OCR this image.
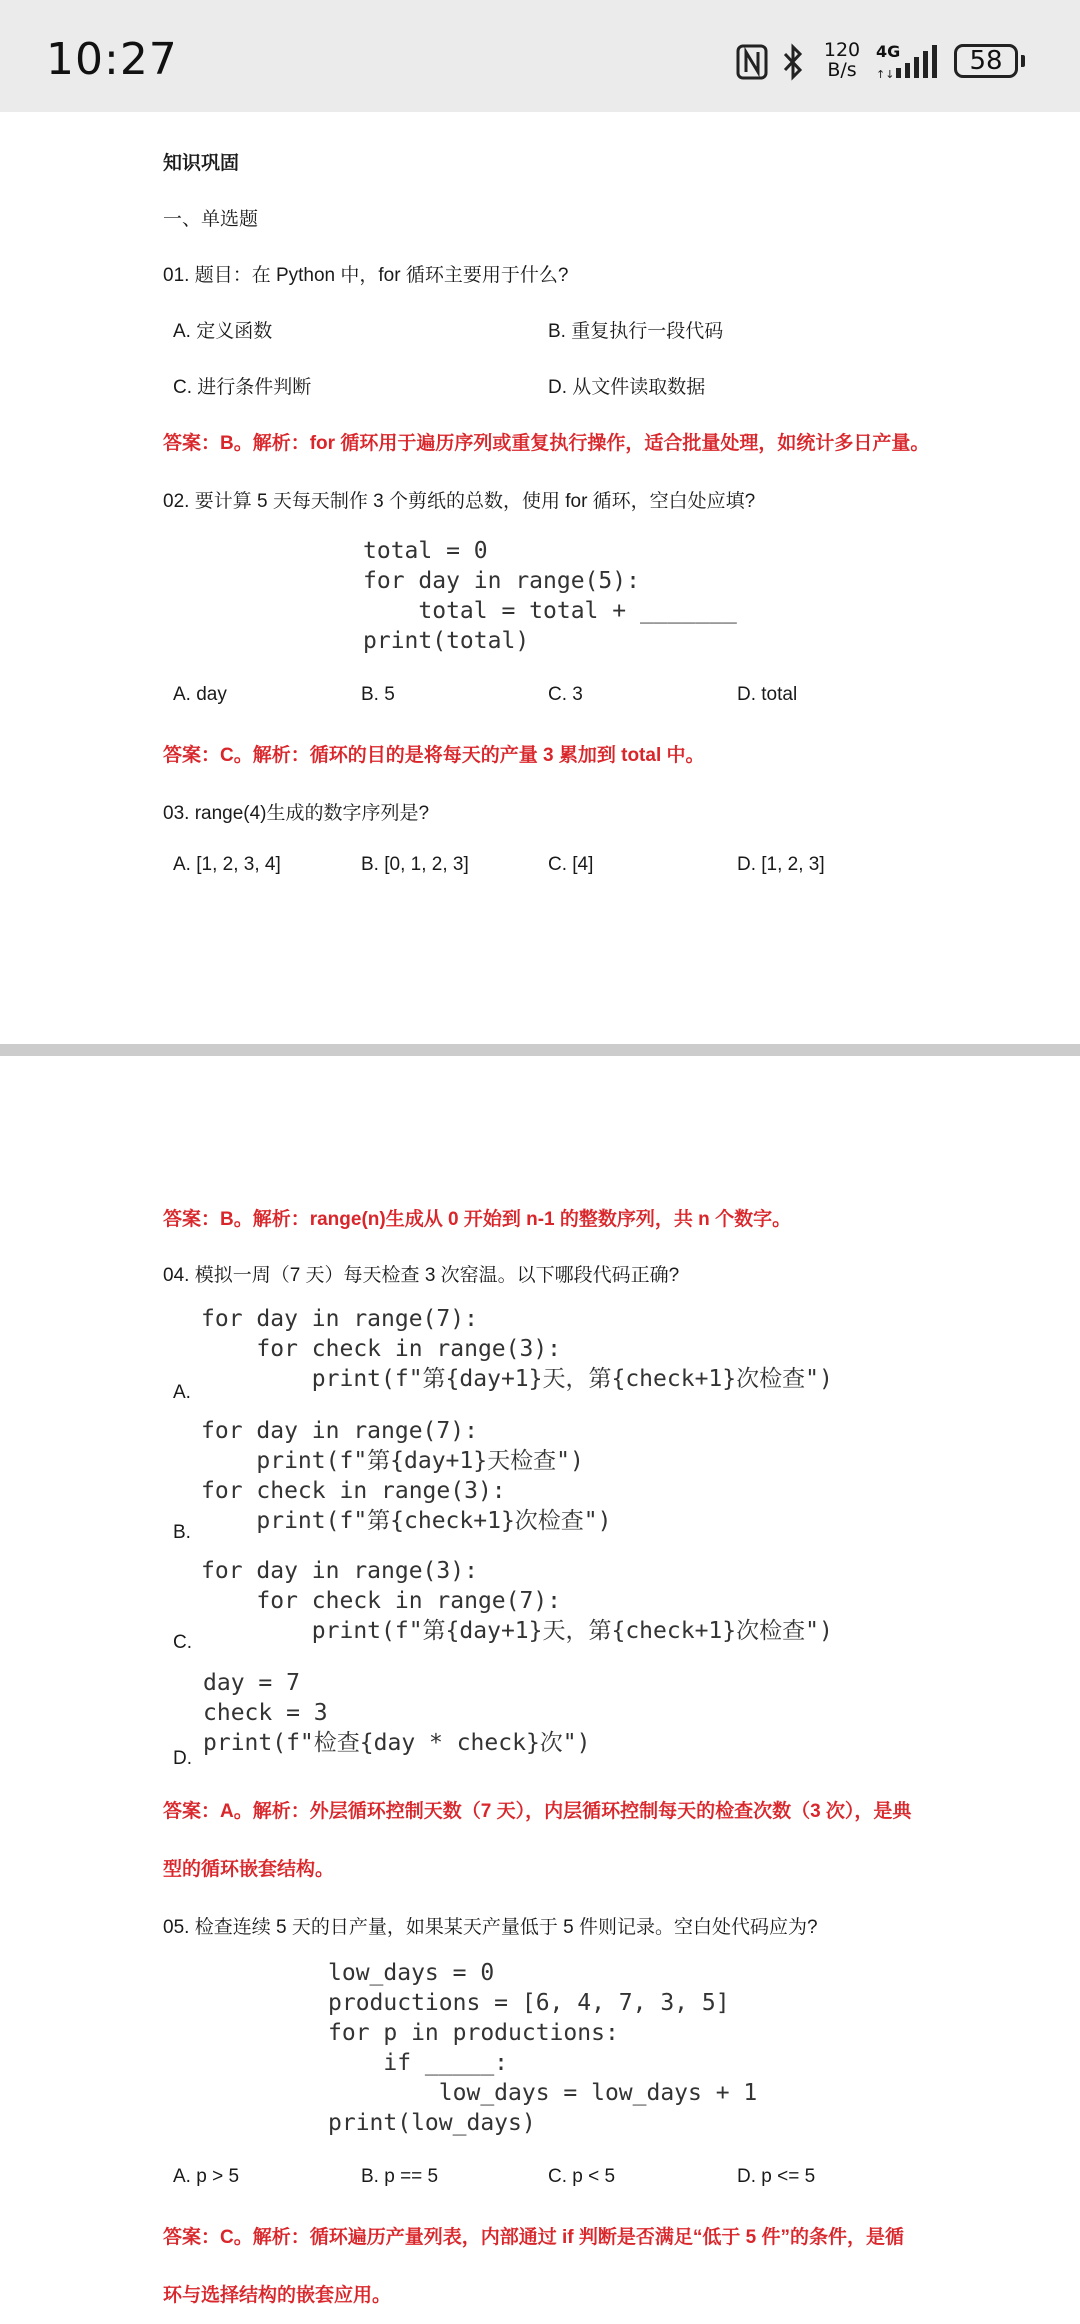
10:27	120
B/s
4G
↑↓	58
知识巩固
一、单选题
01. 题目：在 Python 中，for 循环主要用于什么?
A. 定义函数	B. 重复执行一段代码
C. 进行条件判断	D. 从文件读取数据
答案：B。解析：for 循环用于遍历序列或重复执行操作，适合批量处理，如统计多日产量。
02. 要计算 5 天每天制作 3 个剪纸的总数，使用 for 循环，空白处应填?
total = 0
for day in range(5):
total = total + _______
print(total)
A. day	B. 5	C. 3	D. total
答案：C。解析：循环的目的是将每天的产量 3 累加到 total 中。
03. range(4)生成的数字序列是?
A. [1, 2, 3, 4]	B. [0, 1, 2, 3]	C. [4]	D. [1, 2, 3]
答案：B。解析：range(n)生成从 0 开始到 n-1 的整数序列，共 n 个数字。
04. 模拟一周（7 天）每天检查 3 次窑温。以下哪段代码正确?
for day in range(7):
for check in range(3):
print(f"第{day+1}天，第{check+1}次检查")
A.
for day in range(7):
print(f"第{day+1}天检查")
for check in range(3):
print(f"第{check+1}次检查")
B.
for day in range(3):
for check in range(7):
print(f"第{day+1}天，第{check+1}次检查")
C.
day = 7
check = 3
print(f"检查{day * check}次")
D.
答案：A。解析：外层循环控制天数（7 天），内层循环控制每天的检查次数（3 次），是典
型的循环嵌套结构。
05. 检查连续 5 天的日产量，如果某天产量低于 5 件则记录。空白处代码应为?
low_days = 0
productions = [6, 4, 7, 3, 5]
for p in productions:
if _____:
low_days = low_days + 1
print(low_days)
A. p > 5	B. p == 5	C. p < 5	D. p <= 5
答案：C。解析：循环遍历产量列表，内部通过 if 判断是否满足“低于 5 件”的条件，是循
环与选择结构的嵌套应用。
